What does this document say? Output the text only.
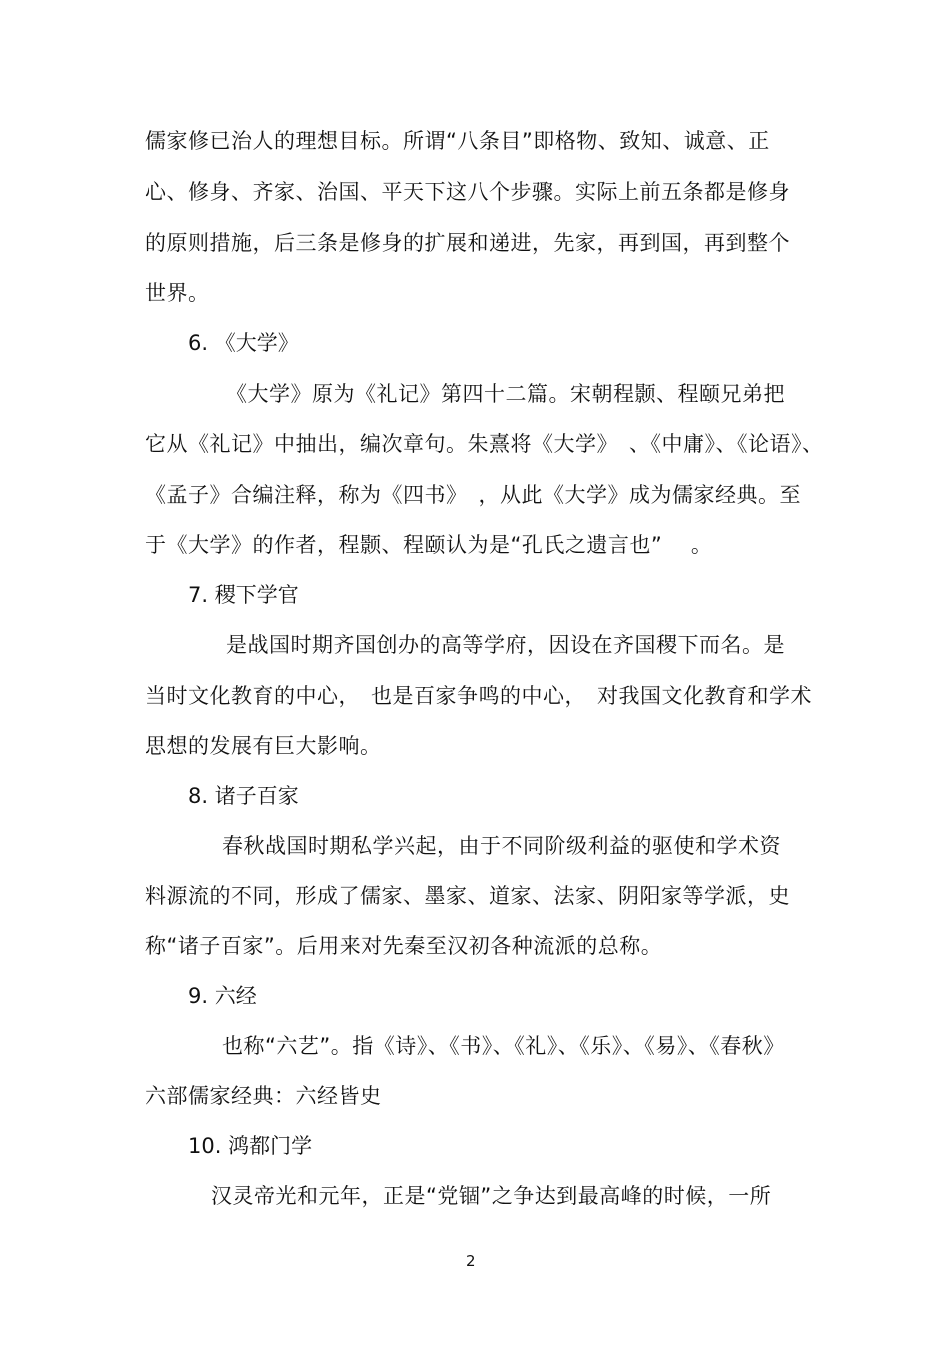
儒家修已治人的理想目标。所谓“八条目”即格物、致知、诚意、正
心、修身、齐家、治国、平天下这八个步骤。实际上前五条都是修身
的原则措施，后三条是修身的扩展和递进，先家，再到国，再到整个
世界。
6. 《大学》
《大学》原为《礼记》第四十二篇。宋朝程颢、程颐兄弟把
它从《礼记》中抽出，编次章句。朱熹将《大学》　、《中庸》、《论语》、
《孟子》合编注释，称为《四书》　，从此《大学》成为儒家经典。至
于《大学》的作者，程颢、程颐认为是“孔氏之遗言也”　 。
7. 稷下学官
是战国时期齐国创办的高等学府，因设在齐国稷下而名。是
当时文化教育的中心，　也是百家争鸣的中心，　对我国文化教育和学术
思想的发展有巨大影响。
8. 诸子百家
春秋战国时期私学兴起，由于不同阶级利益的驱使和学术资
料源流的不同，形成了儒家、墨家、道家、法家、阴阳家等学派，史
称“诸子百家”。后用来对先秦至汉初各种流派的总称。
9. 六经
也称“六艺”。指《诗》、《书》、《礼》、《乐》、《易》、《春秋》
六部儒家经典：六经皆史
10. 鸿都门学
汉灵帝光和元年，正是“党锢”之争达到最高峰的时候，一所
2
